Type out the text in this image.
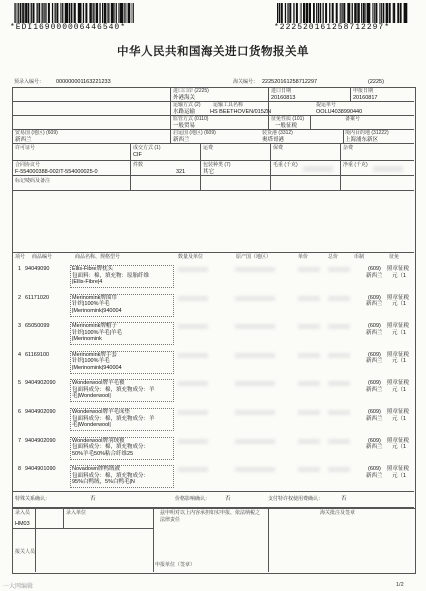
*EDI169000006446540*	*222520161258712297*
中华人民共和国海关进口货物报关单
预录入编号： 000000001163221233	海关编号： 222520161258712297	(2225)
进口口岸 (2225)
外港海关
进口日期
20160813
申报日期
20160817
运输方式 (2)
水路运输
运输工具名称
HS BEETHOVEN/015ZN
提运单号
OOLU4038990440
监管方式 (0110)
一般贸易
征免性质 (101)
一般征税
备案号
贸易国 (地区) (609)
新西兰
启运国 (地区) (609)
新西兰
装货港 (3312)
奥塔哥港
境内目的地 (31222)
上海浦东新区
许可证号	成交方式 (1)
CIF
运费	保费	杂费
合同协议号
F-554000388-002/T-554000025-0
件数
321
包装种类 (7)
其它
毛重 (千克)	净重 (千克)
标记唛码及备注
项号 商品编号	商品名称、规格型号	数量及单位	原产国（地区）	单价	总价	币制	征免
1 94049090	Ellis-Fibre牌枕头
包面料：棉，填充物：原胎纤维
|Ellis-Fibre|4
(609) 照章征税
新西兰 元（1
2 61171020	Merinomink牌围巾
针织|100%羊毛
|Merinomink|940004
(609) 照章征税
新西兰 元（1
3 65050099	Merinomink牌帽子
针织|100%羊毛|羊毛
|Merinomink
(609) 照章征税
新西兰 元（1
4 61169100	Merinomink牌手套
针织|100%羊毛
|Merinomink|940004
(609) 照章征税
新西兰 元（1
5 9404902090	Wonderwool牌羊毛被
包面料成分：棉，填充物成分：羊
毛|Wonderwool|
(609) 照章征税
新西兰 元（1
6 9404902090	Wonderwool牌羊毛床垫
包面料成分：棉，填充物成分：羊
毛|Wonderwool|
(609) 照章征税
新西兰 元（1
7 9404902090	Wonderwool牌羽绒被
包面料成分：棉，填充物成分：
50%羊毛50%粘合纤维25
(609) 照章征税
新西兰 元（1
8 9404901090	Novadown牌鸭绒被
包面料成分：棉，填充物成分：
95%白鸭绒，5%白鸭毛|N
(609) 照章征税
新西兰 元（1
特殊关系确认：	否	价格影响确认：	否	支付特许权使用费确认：	否
录入员	录入单位	兹申明对以上内容承担如实申报、依法纳税之法律责任
海关批注及签章
HM03
报关人员
申报单位（签章）
1/2
一大网编辑
